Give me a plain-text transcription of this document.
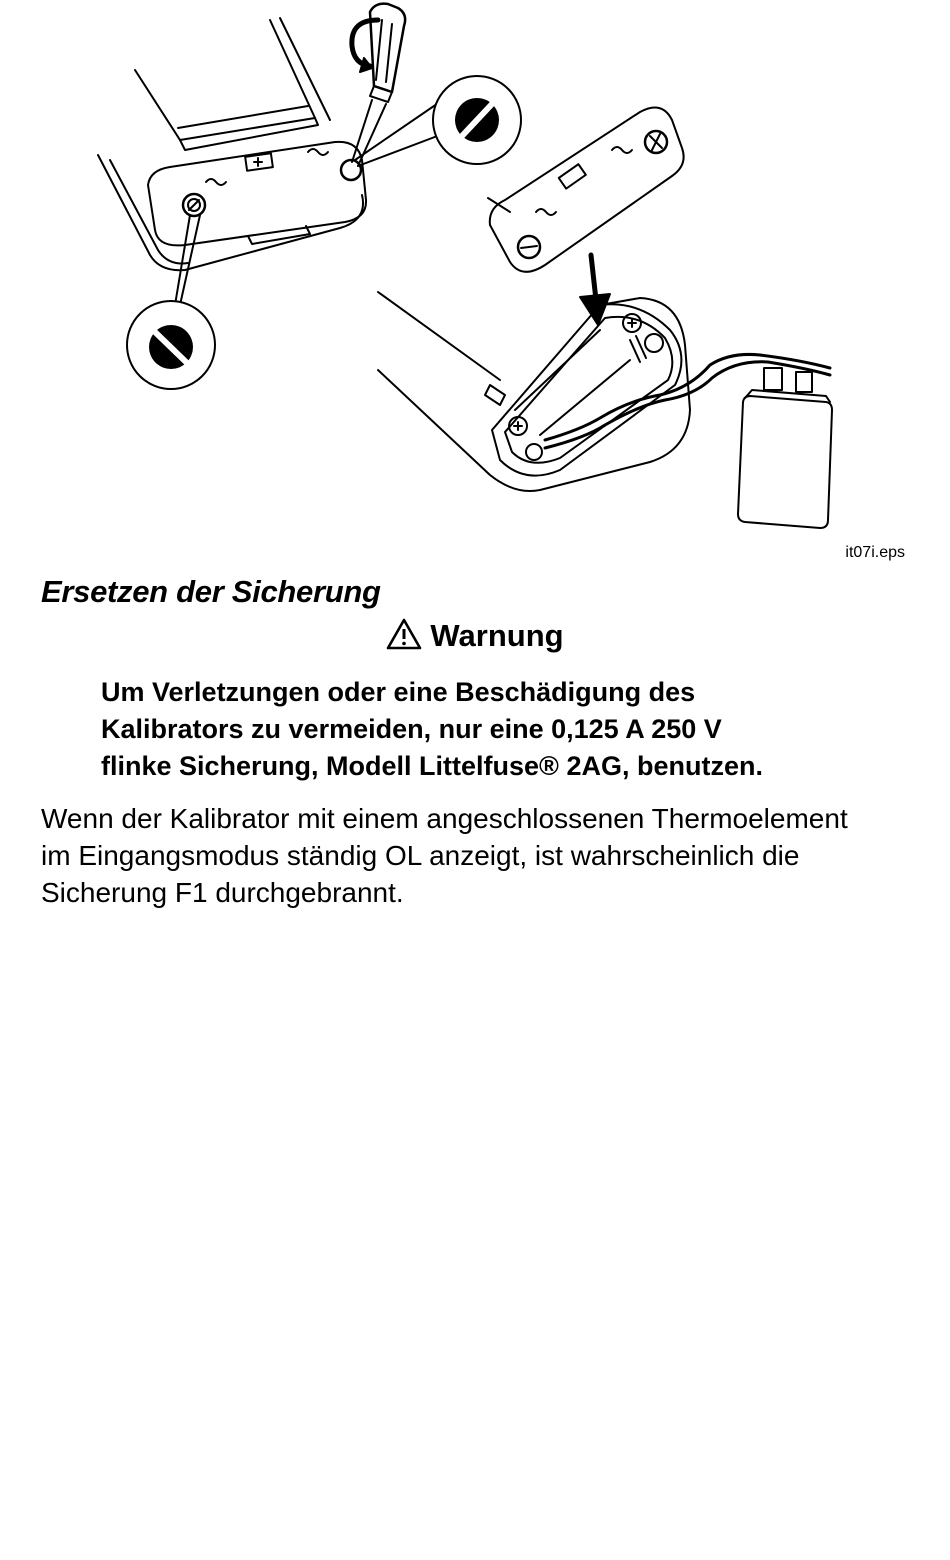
it07i.eps
Ersetzen der Sicherung
Warnung
Um Verletzungen oder eine Beschädigung des
Kalibrators zu vermeiden, nur eine 0,125 A 250 V
flinke Sicherung, Modell Littelfuse® 2AG, benutzen.
Wenn der Kalibrator mit einem angeschlossenen Thermoelement
im Eingangsmodus ständig OL anzeigt, ist wahrscheinlich die
Sicherung F1 durchgebrannt.
